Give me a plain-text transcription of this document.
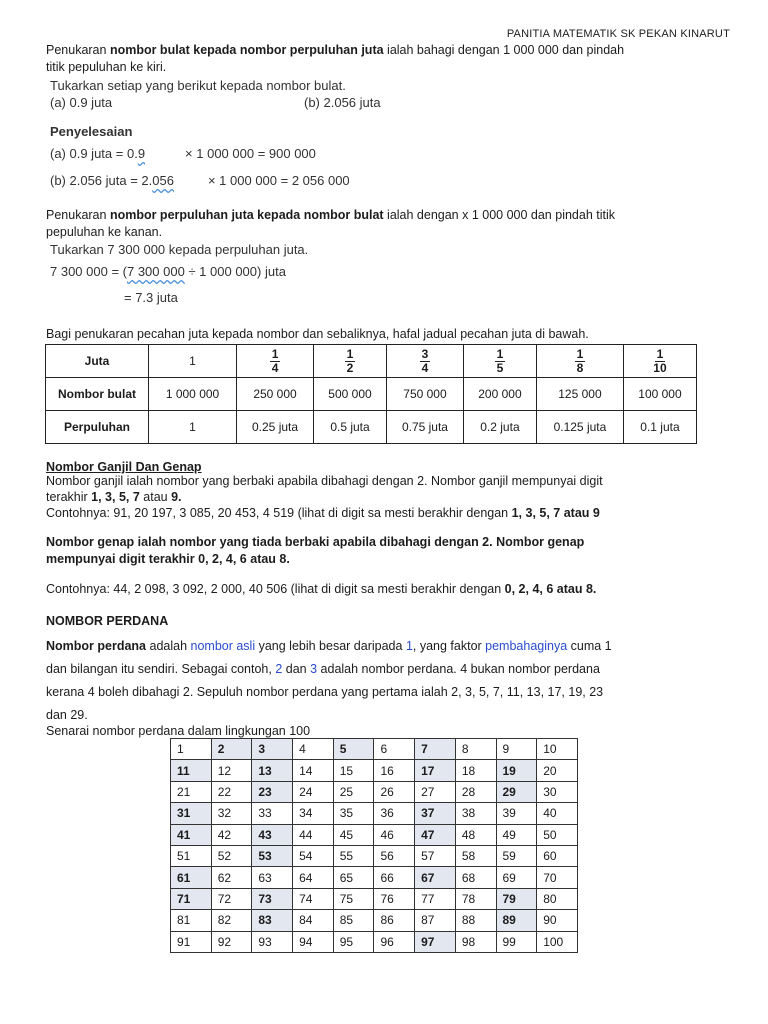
PANITIA MATEMATIK SK PEKAN KINARUT
Penukaran nombor bulat kepada nombor perpuluhan juta ialah bahagi dengan 1 000 000 dan pindah
titik pepuluhan ke kiri.
Tukarkan setiap yang berikut kepada nombor bulat.
(a) 0.9 juta	(b) 2.056 juta
Penyelesaian
(a) 0.9 juta = 0.9	× 1 000 000 = 900 000
(b) 2.056 juta = 2.056	× 1 000 000 = 2 056 000
Penukaran nombor perpuluhan juta kepada nombor bulat ialah dengan x 1 000 000 dan pindah titik
pepuluhan ke kanan.
Tukarkan 7 300 000 kepada perpuluhan juta.
7 300 000 = (7 300 000 ÷ 1 000 000) juta
= 7.3 juta
Bagi penukaran pecahan juta kepada nombor dan sebaliknya, hafal jadual pecahan juta di bawah.
Juta	1	$\frac{1}{4}$	$\frac{1}{2}$	$\frac{3}{4}$	$\frac{1}{5}$	$\frac{1}{8}$	$\frac{1}{10}$

Nombor bulat	1 000 000	250 000	500 000	750 000	200 000	125 000	100 000
Perpuluhan	1	0.25 juta	0.5 juta	0.75 juta	0.2 juta	0.125 juta	0.1 juta
Nombor Ganjil Dan Genap
Nombor ganjil ialah nombor yang berbaki apabila dibahagi dengan 2. Nombor ganjil mempunyai digit
terakhir 1, 3, 5, 7 atau 9.
Contohnya: 91, 20 197, 3 085, 20 453, 4 519 (lihat di digit sa mesti berakhir dengan 1, 3, 5, 7 atau 9
Nombor genap ialah nombor yang tiada berbaki apabila dibahagi dengan 2. Nombor genap
mempunyai digit terakhir 0, 2, 4, 6 atau 8.
Contohnya: 44, 2 098, 3 092, 2 000, 40 506 (lihat di digit sa mesti berakhir dengan 0, 2, 4, 6 atau 8.
NOMBOR PERDANA
Nombor perdana adalah nombor asli yang lebih besar daripada 1, yang faktor pembahaginya cuma 1
dan bilangan itu sendiri. Sebagai contoh, 2 dan 3 adalah nombor perdana. 4 bukan nombor perdana
kerana 4 boleh dibahagi 2. Sepuluh nombor perdana yang pertama ialah 2, 3, 5, 7, 11, 13, 17, 19, 23
dan 29.
Senarai nombor perdana dalam lingkungan 100
1	2	3	4	5	6	7	8	9	10
11	12	13	14	15	16	17	18	19	20
21	22	23	24	25	26	27	28	29	30
31	32	33	34	35	36	37	38	39	40
41	42	43	44	45	46	47	48	49	50
51	52	53	54	55	56	57	58	59	60
61	62	63	64	65	66	67	68	69	70
71	72	73	74	75	76	77	78	79	80
81	82	83	84	85	86	87	88	89	90
91	92	93	94	95	96	97	98	99	100
